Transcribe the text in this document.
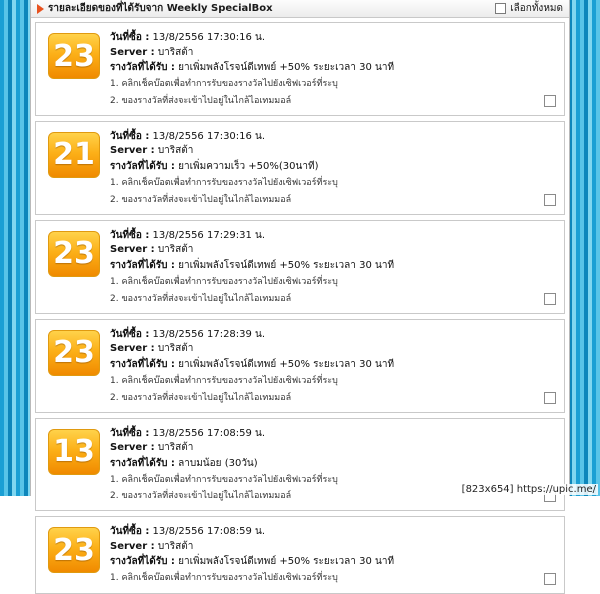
รายละเอียดของที่ได้รับจาก Weekly SpecialBox	เลือกทั้งหมด
23
วันที่ซื้อ : 13/8/2556 17:30:16 น.
Server : บาริสต้า
รางวัลที่ได้รับ : ยาเพิ่มพลังโรจน์ดีเทพย์ +50% ระยะเวลา 30 นาที
1. คลิกเช็คบ๊อตเพื่อทำการรับของรางวัลไปยังเซิฟเวอร์ที่ระบุ
2. ของรางวัลที่ส่งจะเข้าไปอยู่ในไกล้ไอเทมมอล์
21
วันที่ซื้อ : 13/8/2556 17:30:16 น.
Server : บาริสต้า
รางวัลที่ได้รับ : ยาเพิ่มความเร็ว +50%(30นาที)
1. คลิกเช็คบ๊อตเพื่อทำการรับของรางวัลไปยังเซิฟเวอร์ที่ระบุ
2. ของรางวัลที่ส่งจะเข้าไปอยู่ในไกล้ไอเทมมอล์
23
วันที่ซื้อ : 13/8/2556 17:29:31 น.
Server : บาริสต้า
รางวัลที่ได้รับ : ยาเพิ่มพลังโรจน์ดีเทพย์ +50% ระยะเวลา 30 นาที
1. คลิกเช็คบ๊อตเพื่อทำการรับของรางวัลไปยังเซิฟเวอร์ที่ระบุ
2. ของรางวัลที่ส่งจะเข้าไปอยู่ในไกล้ไอเทมมอล์
23
วันที่ซื้อ : 13/8/2556 17:28:39 น.
Server : บาริสต้า
รางวัลที่ได้รับ : ยาเพิ่มพลังโรจน์ดีเทพย์ +50% ระยะเวลา 30 นาที
1. คลิกเช็คบ๊อตเพื่อทำการรับของรางวัลไปยังเซิฟเวอร์ที่ระบุ
2. ของรางวัลที่ส่งจะเข้าไปอยู่ในไกล้ไอเทมมอล์
13
วันที่ซื้อ : 13/8/2556 17:08:59 น.
Server : บาริสต้า
รางวัลที่ได้รับ : ลาบมน้อย (30วัน)
1. คลิกเช็คบ๊อตเพื่อทำการรับของรางวัลไปยังเซิฟเวอร์ที่ระบุ
2. ของรางวัลที่ส่งจะเข้าไปอยู่ในไกล้ไอเทมมอล์
23
วันที่ซื้อ : 13/8/2556 17:08:59 น.
Server : บาริสต้า
รางวัลที่ได้รับ : ยาเพิ่มพลังโรจน์ดีเทพย์ +50% ระยะเวลา 30 นาที
1. คลิกเช็คบ๊อตเพื่อทำการรับของรางวัลไปยังเซิฟเวอร์ที่ระบุ
[823x654] https://upic.me/
